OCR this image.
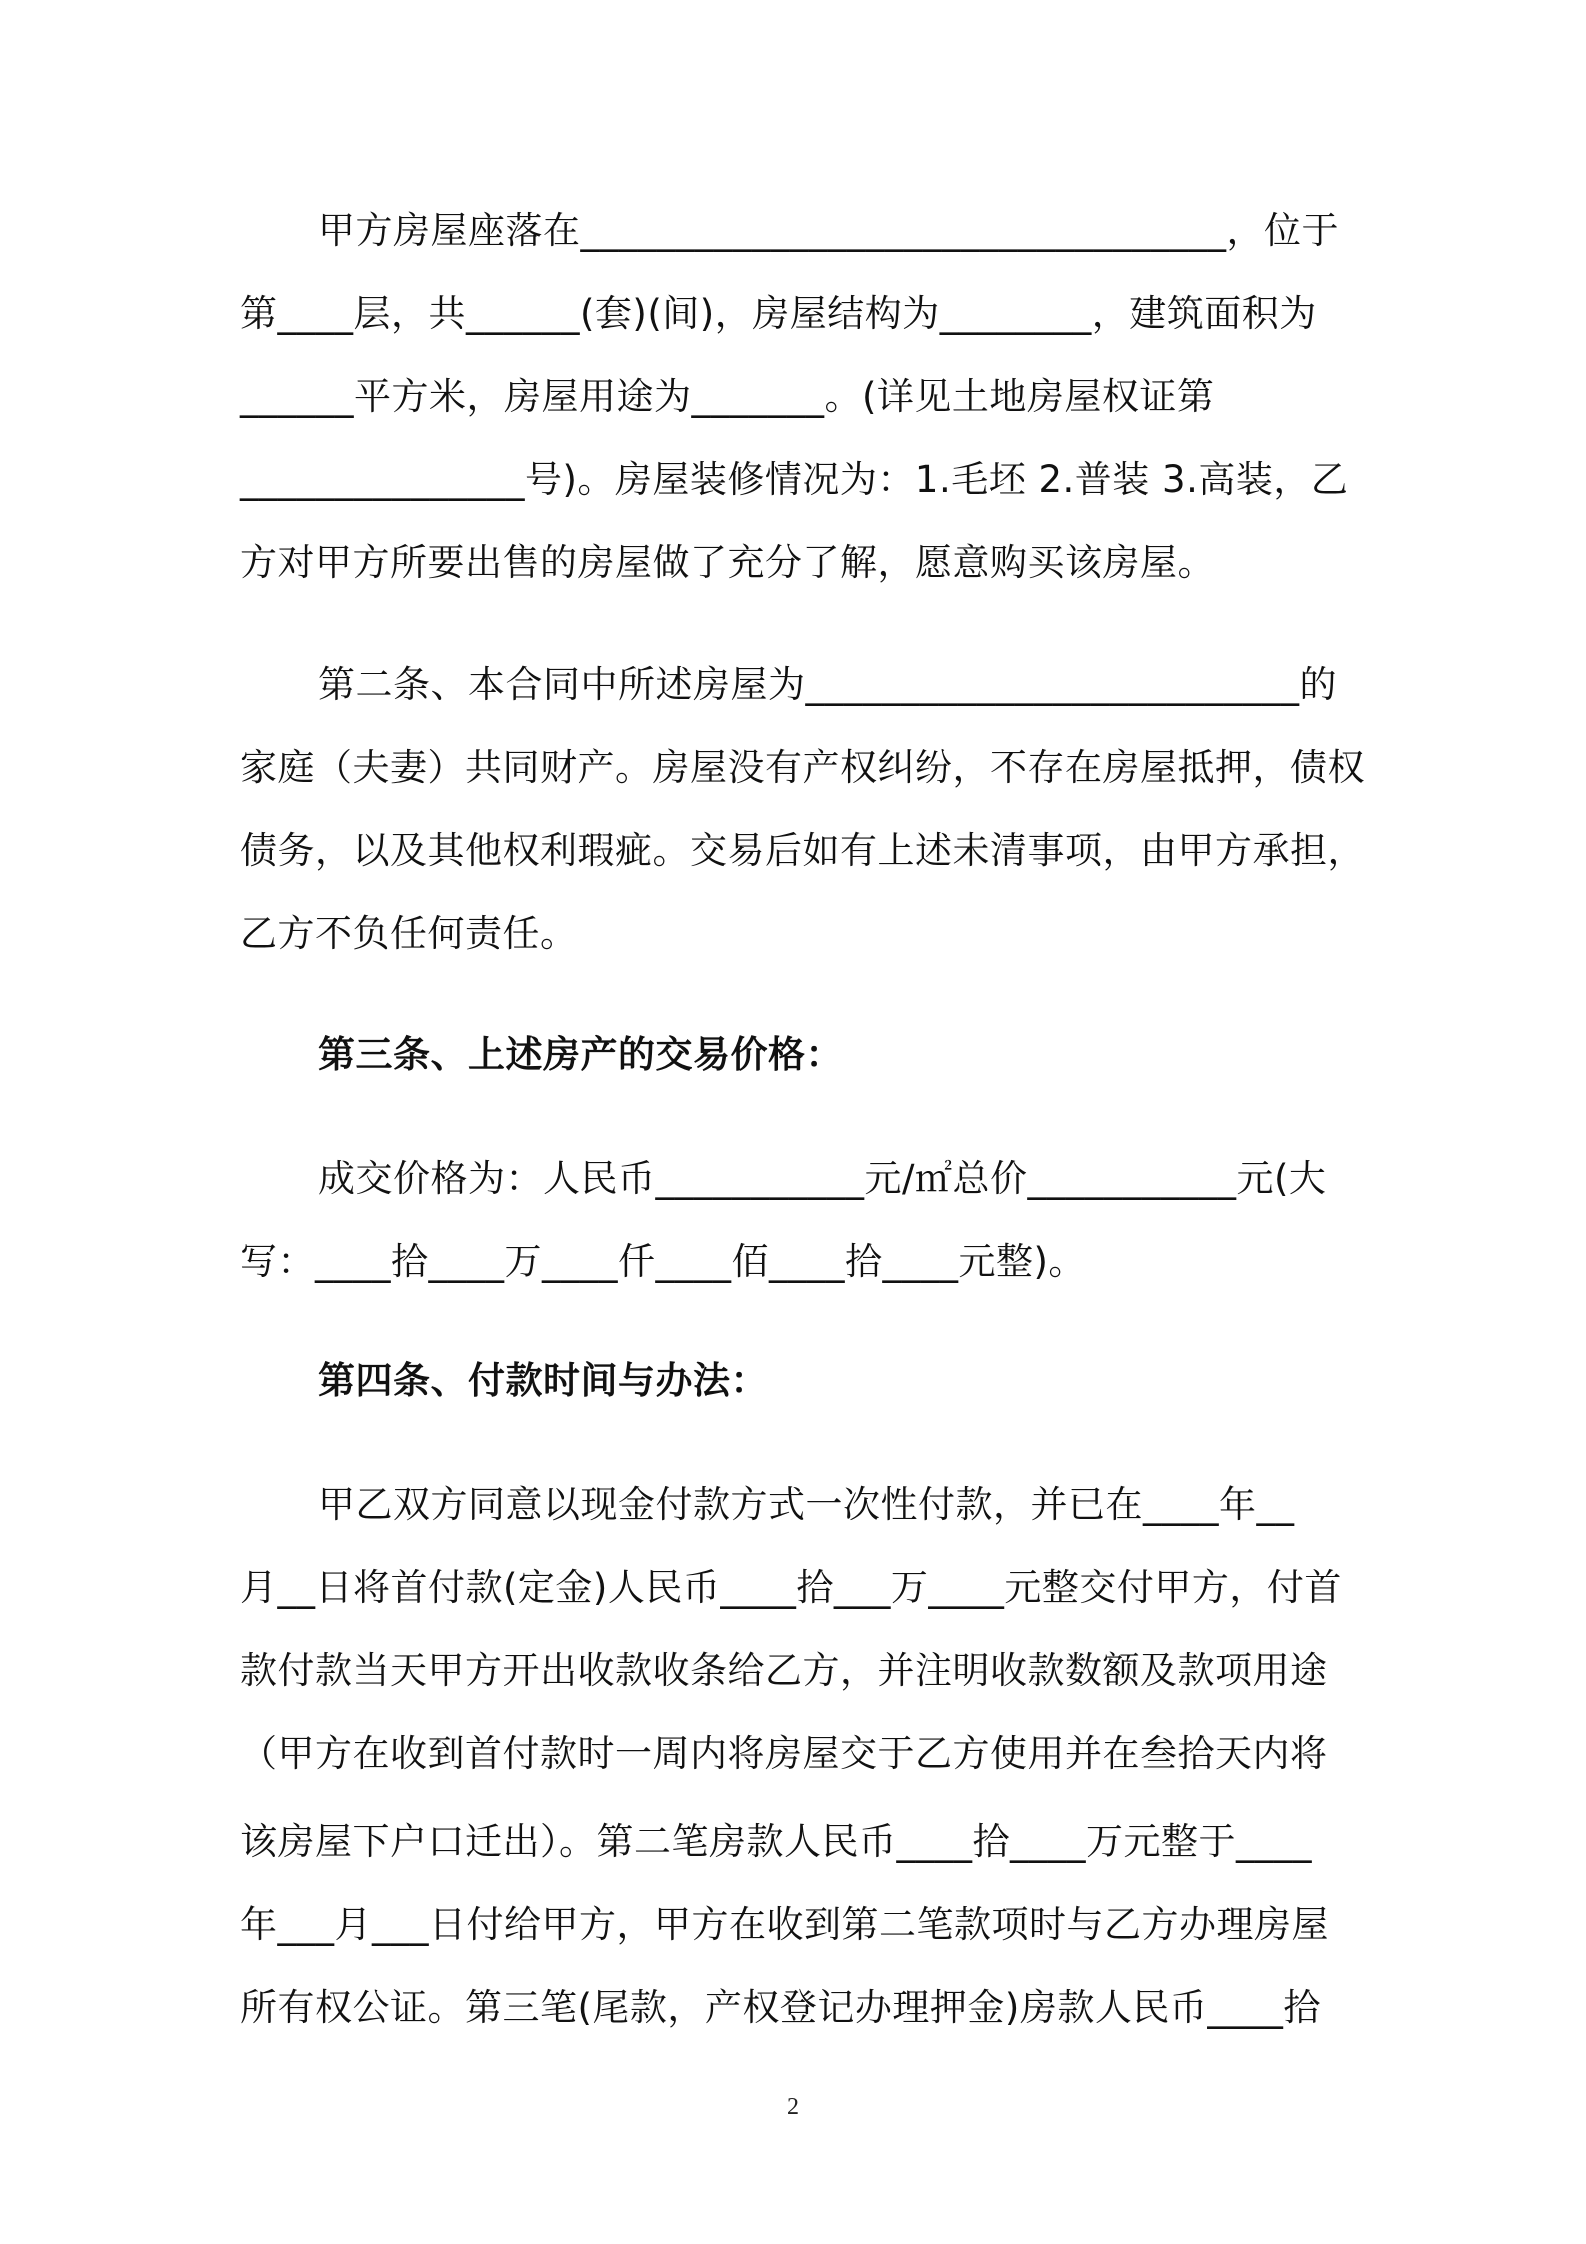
甲方房屋座落在__________________________________，位于
第____层，共______(套)(间)，房屋结构为________，建筑面积为
______平方米，房屋用途为_______。(详见土地房屋权证第
_______________号)。房屋装修情况为：1.毛坯 2.普装 3.高装，乙
方对甲方所要出售的房屋做了充分了解，愿意购买该房屋。
第二条、本合同中所述房屋为__________________________的
家庭（夫妻）共同财产。房屋没有产权纠纷，不存在房屋抵押，债权
债务，以及其他权利瑕疵。交易后如有上述未清事项，由甲方承担，
乙方不负任何责任。
第三条、上述房产的交易价格：
成交价格为：人民币___________元/㎡总价___________元(大
写：____拾____万____仟____佰____拾____元整)。
第四条、付款时间与办法：
甲乙双方同意以现金付款方式一次性付款，并已在____年__
月__日将首付款(定金)人民币____拾___万____元整交付甲方，付首
款付款当天甲方开出收款收条给乙方，并注明收款数额及款项用途
（甲方在收到首付款时一周内将房屋交于乙方使用并在叁拾天内将
该房屋下户口迁出）。第二笔房款人民币____拾____万元整于____
年___月___日付给甲方，甲方在收到第二笔款项时与乙方办理房屋
所有权公证。第三笔(尾款，产权登记办理押金)房款人民币____拾
2
